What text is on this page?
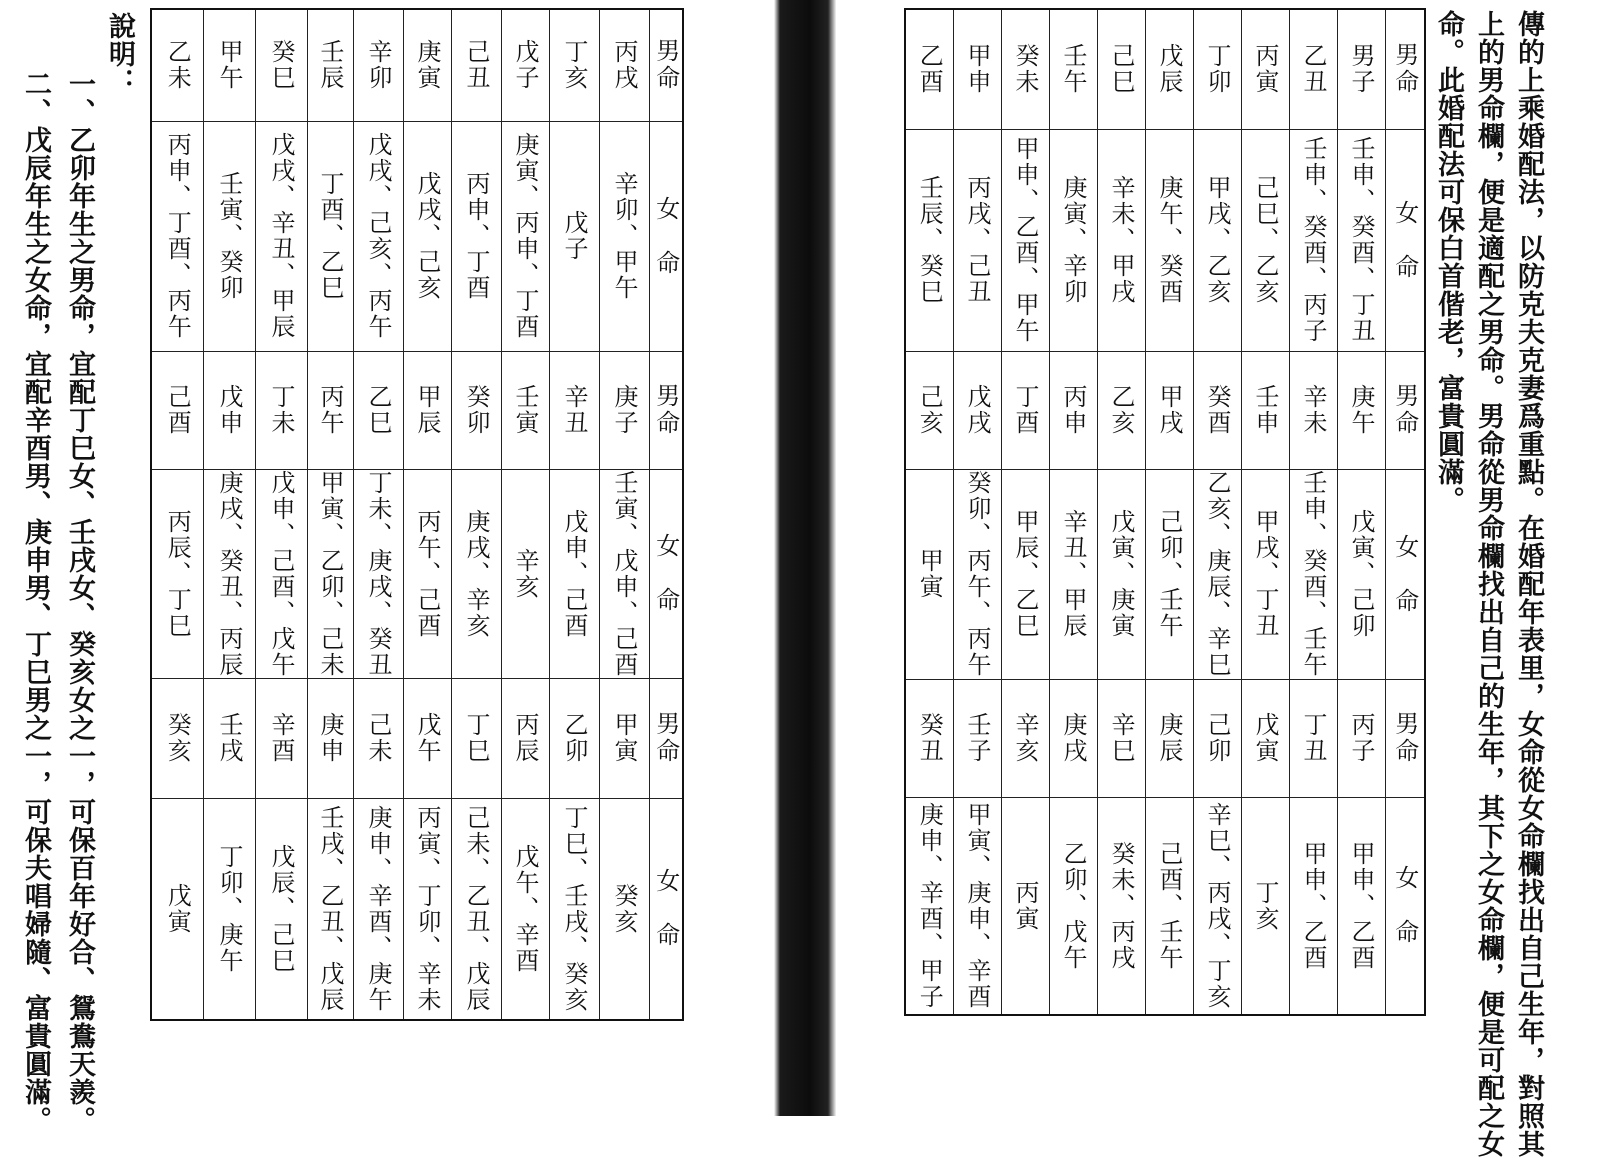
乙未	甲午	癸巳	壬辰	辛卯	庚寅	己丑	戊子	丁亥	丙戌	男命
丙申、丁酉、丙午	壬寅、癸卯	戊戌、辛丑、甲辰	丁酉、乙巳	戊戌、己亥、丙午	戊戌、己亥	丙申、丁酉	庚寅、丙申、丁酉	戊子	辛卯、甲午	女　命
己酉	戊申	丁未	丙午	乙巳	甲辰	癸卯	壬寅	辛丑	庚子	男命
丙辰、丁巳	庚戌、癸丑、丙辰	戊申、己酉、戊午	甲寅、乙卯、己未	丁未、庚戌、癸丑	丙午、己酉	庚戌、辛亥	辛亥	戊申、己酉	壬寅、戊申、己酉	女　命
癸亥	壬戌	辛酉	庚申	己未	戊午	丁巳	丙辰	乙卯	甲寅	男命
戊寅	丁卯、庚午	戊辰、己巳	壬戌、乙丑、戊辰	庚申、辛酉、庚午	丙寅、丁卯、辛未	己未、乙丑、戊辰	戊午、辛酉	丁巳、壬戌、癸亥	癸亥	女　命
說明：
一、乙卯年生之男命，宜配丁巳女、壬戌女、癸亥女之一，可保百年好合、鴛鴦天羨。
二、戊辰年生之女命，宜配辛酉男、庚申男、丁巳男之一，可保夫唱婦隨、富貴圓滿。
乙酉	甲申	癸未	壬午	己巳	戊辰	丁卯	丙寅	乙丑	男子	男命
壬辰、癸巳	丙戌、己丑	甲申、乙酉、甲午	庚寅、辛卯	辛未、甲戌	庚午、癸酉	甲戌、乙亥	己巳、乙亥	壬申、癸酉、丙子	壬申、癸酉、丁丑	女　命
己亥	戊戌	丁酉	丙申	乙亥	甲戌	癸酉	壬申	辛未	庚午	男命
甲寅	癸卯、丙午、丙午	甲辰、乙巳	辛丑、甲辰	戊寅、庚寅	己卯、壬午	乙亥、庚辰、辛巳	甲戌、丁丑	壬申、癸酉、壬午	戊寅、己卯	女　命
癸丑	壬子	辛亥	庚戌	辛巳	庚辰	己卯	戊寅	丁丑	丙子	男命
庚申、辛酉、甲子	甲寅、庚申、辛酉	丙寅	乙卯、戊午	癸未、丙戌	己酉、壬午	辛巳、丙戌、丁亥	丁亥	甲申、乙酉	甲申、乙酉	女　命	傳的上乘婚配法，以防克夫克妻爲重點。在婚配年表里，女命從女命欄找出自己生年，對照其
上的男命欄，便是適配之男命。男命從男命欄找出自己的生年，其下之女命欄，便是可配之女
命。此婚配法可保白首偕老，富貴圓滿。
